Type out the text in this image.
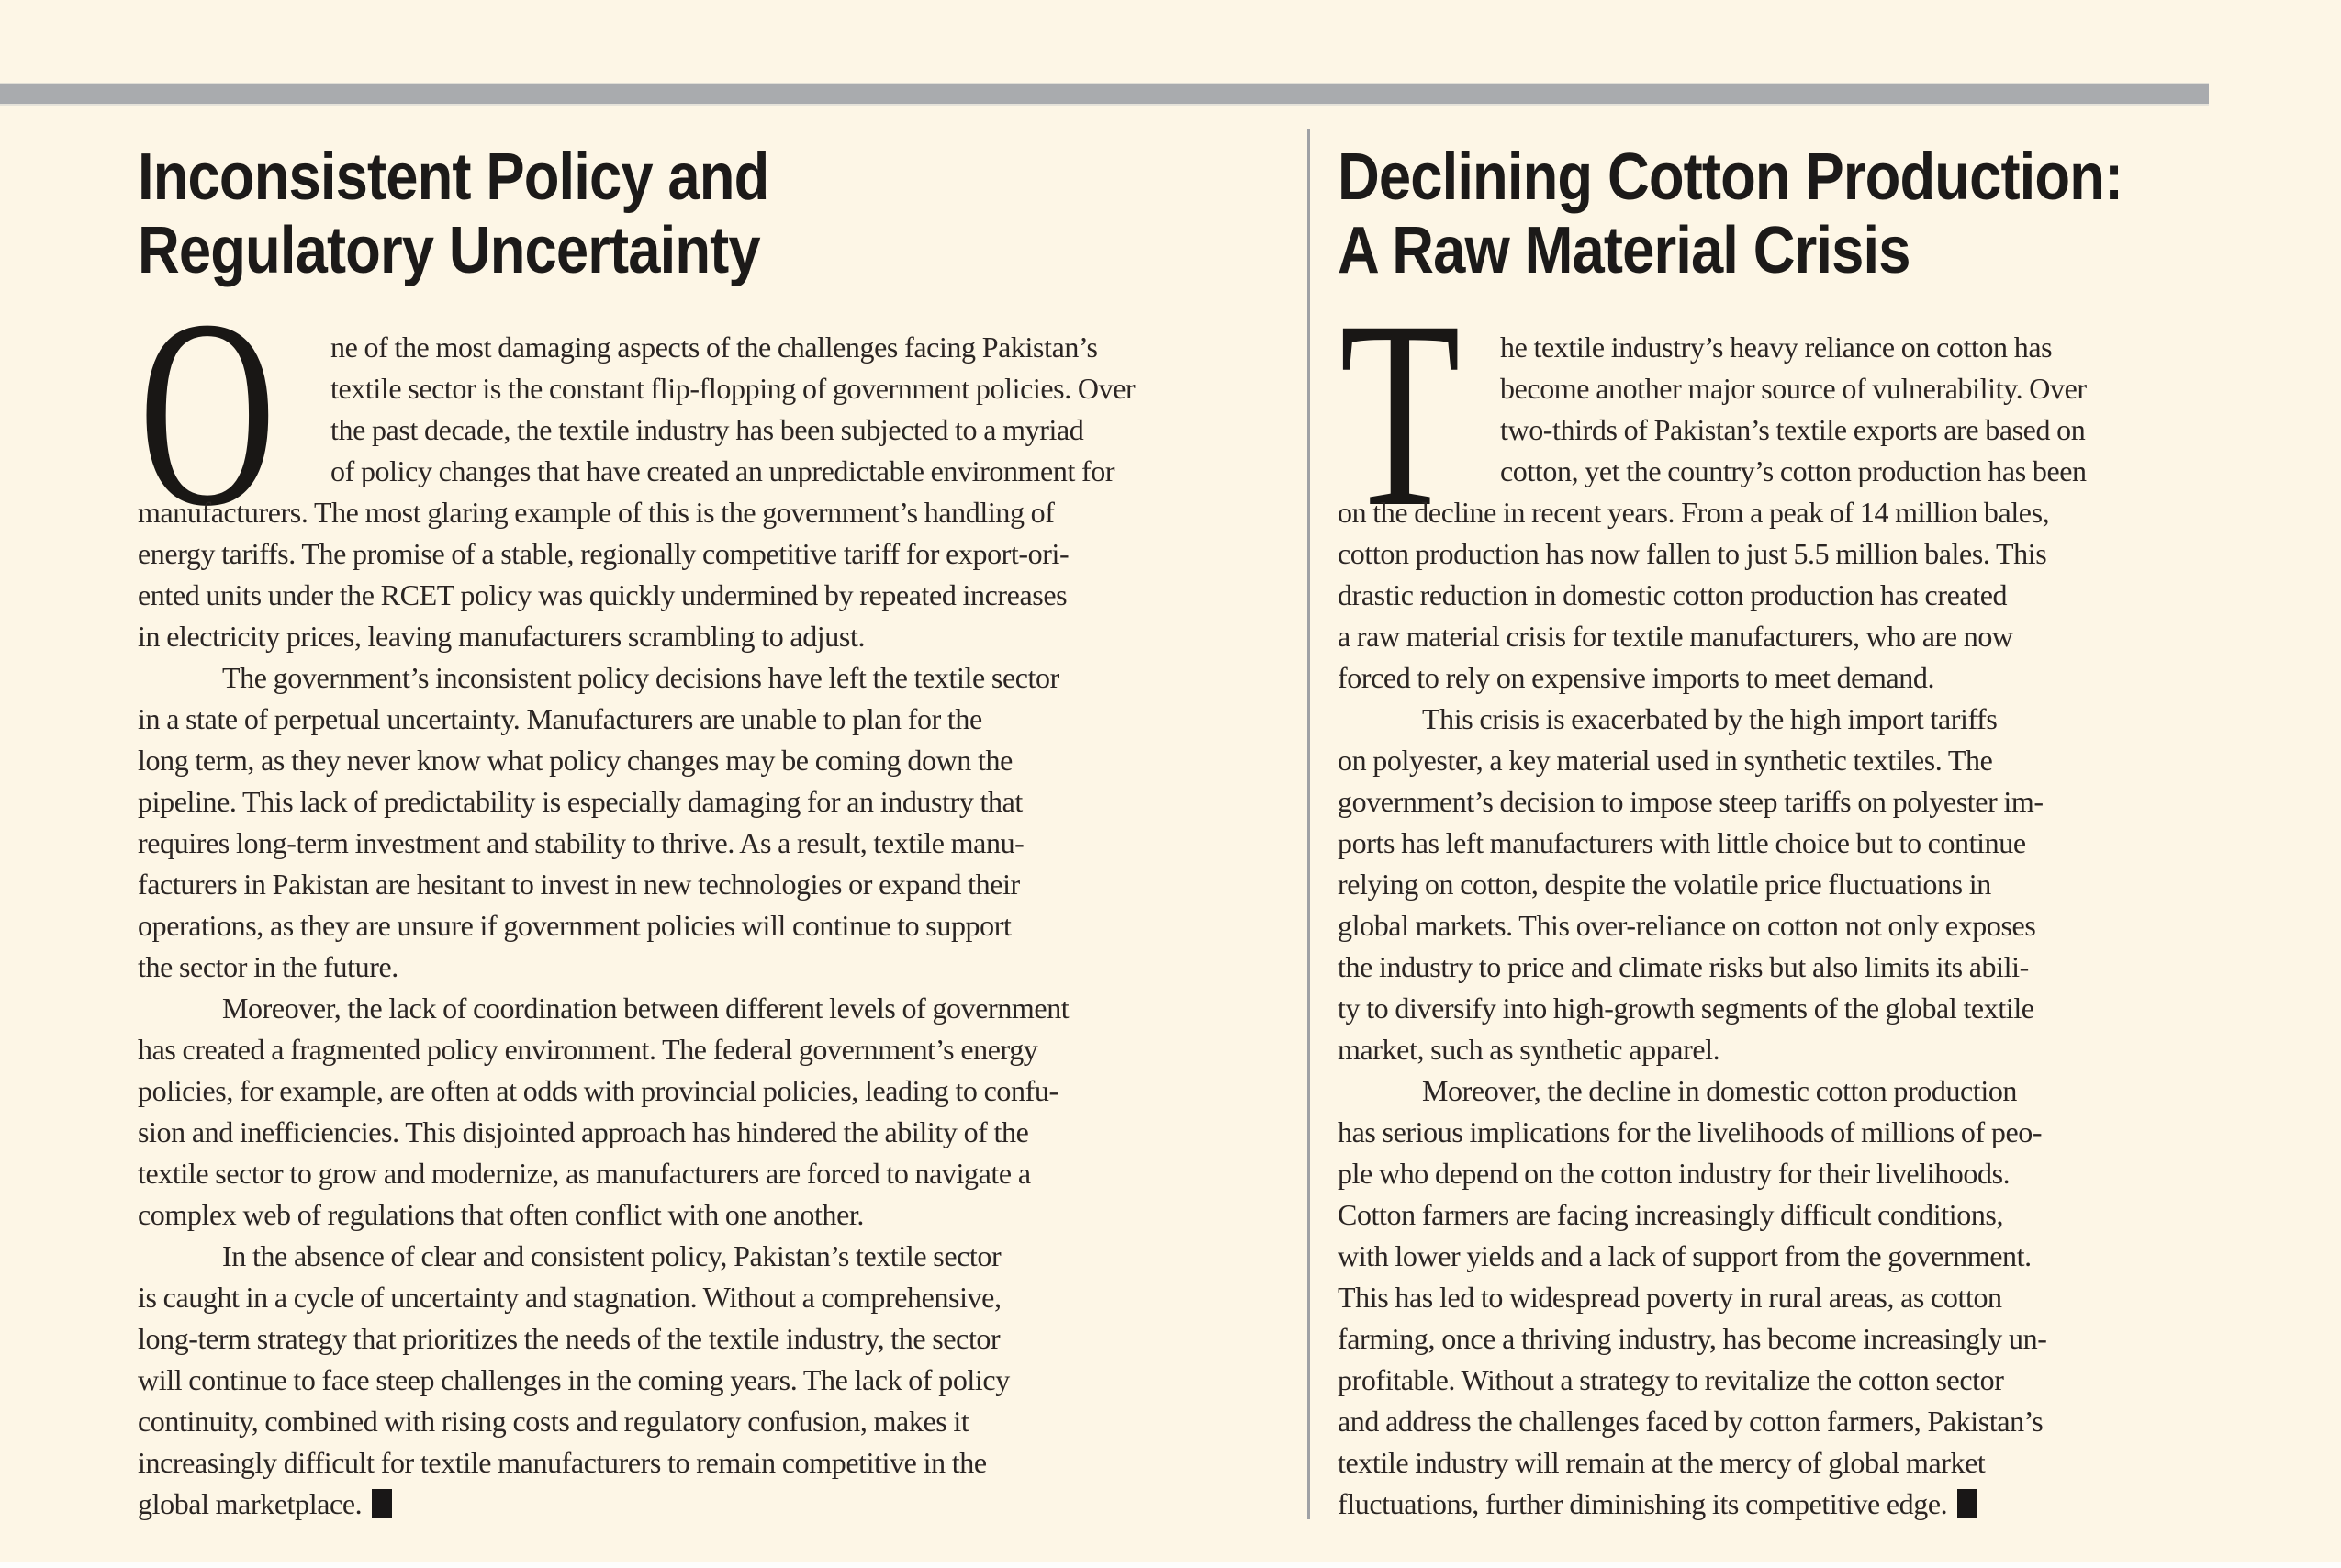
Inconsistent Policy and
Regulatory Uncertainty
Declining Cotton Production:
A Raw Material Crisis
O	T
ne of the most damaging aspects of the challenges facing Pakistan’s
textile sector is the constant flip-flopping of government policies. Over
the past decade, the textile industry has been subjected to a myriad
of policy changes that have created an unpredictable environment for
manufacturers. The most glaring example of this is the government’s handling of
energy tariffs. The promise of a stable, regionally competitive tariff for export-ori-
ented units under the RCET policy was quickly undermined by repeated increases
in electricity prices, leaving manufacturers scrambling to adjust.
The government’s inconsistent policy decisions have left the textile sector
in a state of perpetual uncertainty. Manufacturers are unable to plan for the
long term, as they never know what policy changes may be coming down the
pipeline. This lack of predictability is especially damaging for an industry that
requires long-term investment and stability to thrive. As a result, textile manu-
facturers in Pakistan are hesitant to invest in new technologies or expand their
operations, as they are unsure if government policies will continue to support
the sector in the future.
Moreover, the lack of coordination between different levels of government
has created a fragmented policy environment. The federal government’s energy
policies, for example, are often at odds with provincial policies, leading to confu-
sion and inefficiencies. This disjointed approach has hindered the ability of the
textile sector to grow and modernize, as manufacturers are forced to navigate a
complex web of regulations that often conflict with one another.
In the absence of clear and consistent policy, Pakistan’s textile sector
is caught in a cycle of uncertainty and stagnation. Without a comprehensive,
long-term strategy that prioritizes the needs of the textile industry, the sector
will continue to face steep challenges in the coming years. The lack of policy
continuity, combined with rising costs and regulatory confusion, makes it
increasingly difficult for textile manufacturers to remain competitive in the
global marketplace.
he textile industry’s heavy reliance on cotton has
become another major source of vulnerability. Over
two-thirds of Pakistan’s textile exports are based on
cotton, yet the country’s cotton production has been
on the decline in recent years. From a peak of 14 million bales,
cotton production has now fallen to just 5.5 million bales. This
drastic reduction in domestic cotton production has created
a raw material crisis for textile manufacturers, who are now
forced to rely on expensive imports to meet demand.
This crisis is exacerbated by the high import tariffs
on polyester, a key material used in synthetic textiles. The
government’s decision to impose steep tariffs on polyester im-
ports has left manufacturers with little choice but to continue
relying on cotton, despite the volatile price fluctuations in
global markets. This over-reliance on cotton not only exposes
the industry to price and climate risks but also limits its abili-
ty to diversify into high-growth segments of the global textile
market, such as synthetic apparel.
Moreover, the decline in domestic cotton production
has serious implications for the livelihoods of millions of peo-
ple who depend on the cotton industry for their livelihoods.
Cotton farmers are facing increasingly difficult conditions,
with lower yields and a lack of support from the government.
This has led to widespread poverty in rural areas, as cotton
farming, once a thriving industry, has become increasingly un-
profitable. Without a strategy to revitalize the cotton sector
and address the challenges faced by cotton farmers, Pakistan’s
textile industry will remain at the mercy of global market
fluctuations, further diminishing its competitive edge.
